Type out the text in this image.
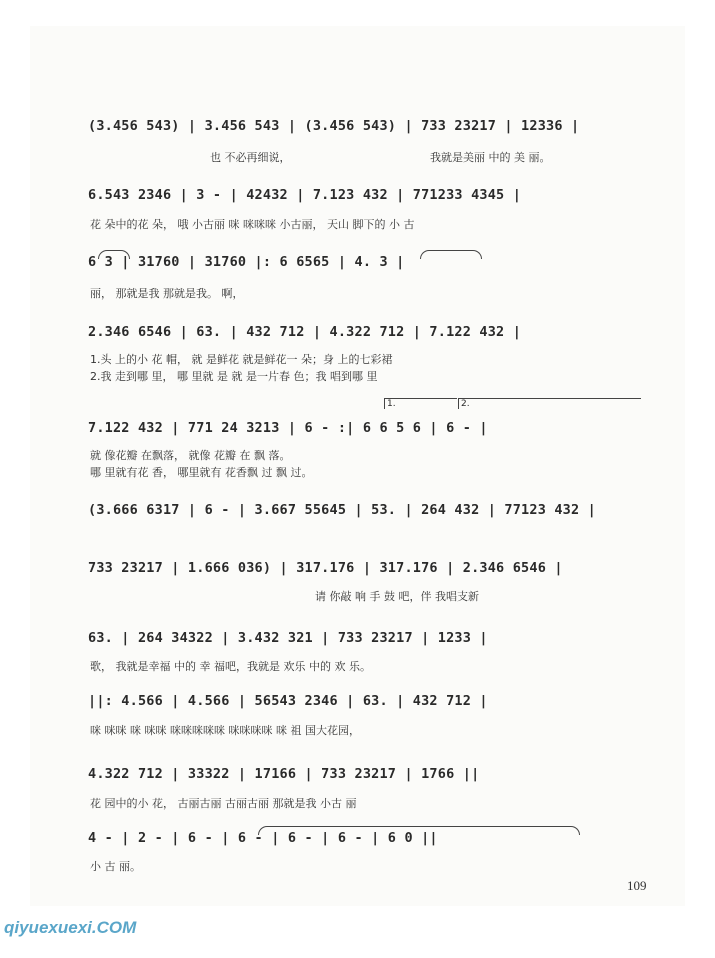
(3.456 543) | 3.456 543 | (3.456 543) | 733 23217 | 12336 |
也 不必再细说，	我就是美丽 中的 美 丽。
6.543 2346 | 3 - | 42432 | 7.123 432 | 771233 4345 |
花 朵中的花 朵， 哦 小古丽 咪 咪咪咪 小古丽， 天山 脚下的 小 古
6 3 | 31760 | 31760 |: 6 6565 | 4. 3 |
丽， 那就是我 那就是我。 啊，
2.346 6546 | 63. | 432 712 | 4.322 712 | 7.122 432 |
1.头 上的小 花 帽， 就 是鲜花 就是鲜花一 朵；身 上的七彩裙
2.我 走到哪 里， 哪 里就 是 就 是一片春 色；我 唱到哪 里
1.	2.
7.122 432 | 771 24 3213 | 6 - :| 6 6 5 6 | 6 - |
就 像花瓣 在飘落， 就像 花瓣 在 飘 落。
哪 里就有花 香， 哪里就有 花香飘 过 飘 过。
(3.666 6317 | 6 - | 3.667 55645 | 53. | 264 432 | 77123 432 |
733 23217 | 1.666 036) | 317.176 | 317.176 | 2.346 6546 |
请 你敲 响 手 鼓 吧，伴 我唱支新
63. | 264 34322 | 3.432 321 | 733 23217 | 1233 |
歌， 我就是幸福 中的 幸 福吧，我就是 欢乐 中的 欢 乐。
||: 4.566 | 4.566 | 56543 2346 | 63. | 432 712 |
咪 咪咪 咪 咪咪 咪咪咪咪咪 咪咪咪咪 咪 祖 国大花园，
4.322 712 | 33322 | 17166 | 733 23217 | 1766 ||
花 园中的小 花， 古丽古丽 古丽古丽 那就是我 小古 丽
4 - | 2 - | 6 - | 6 - | 6 - | 6 - | 6 0 ||
小 古 丽。
109
qiyuexuexi.COM
